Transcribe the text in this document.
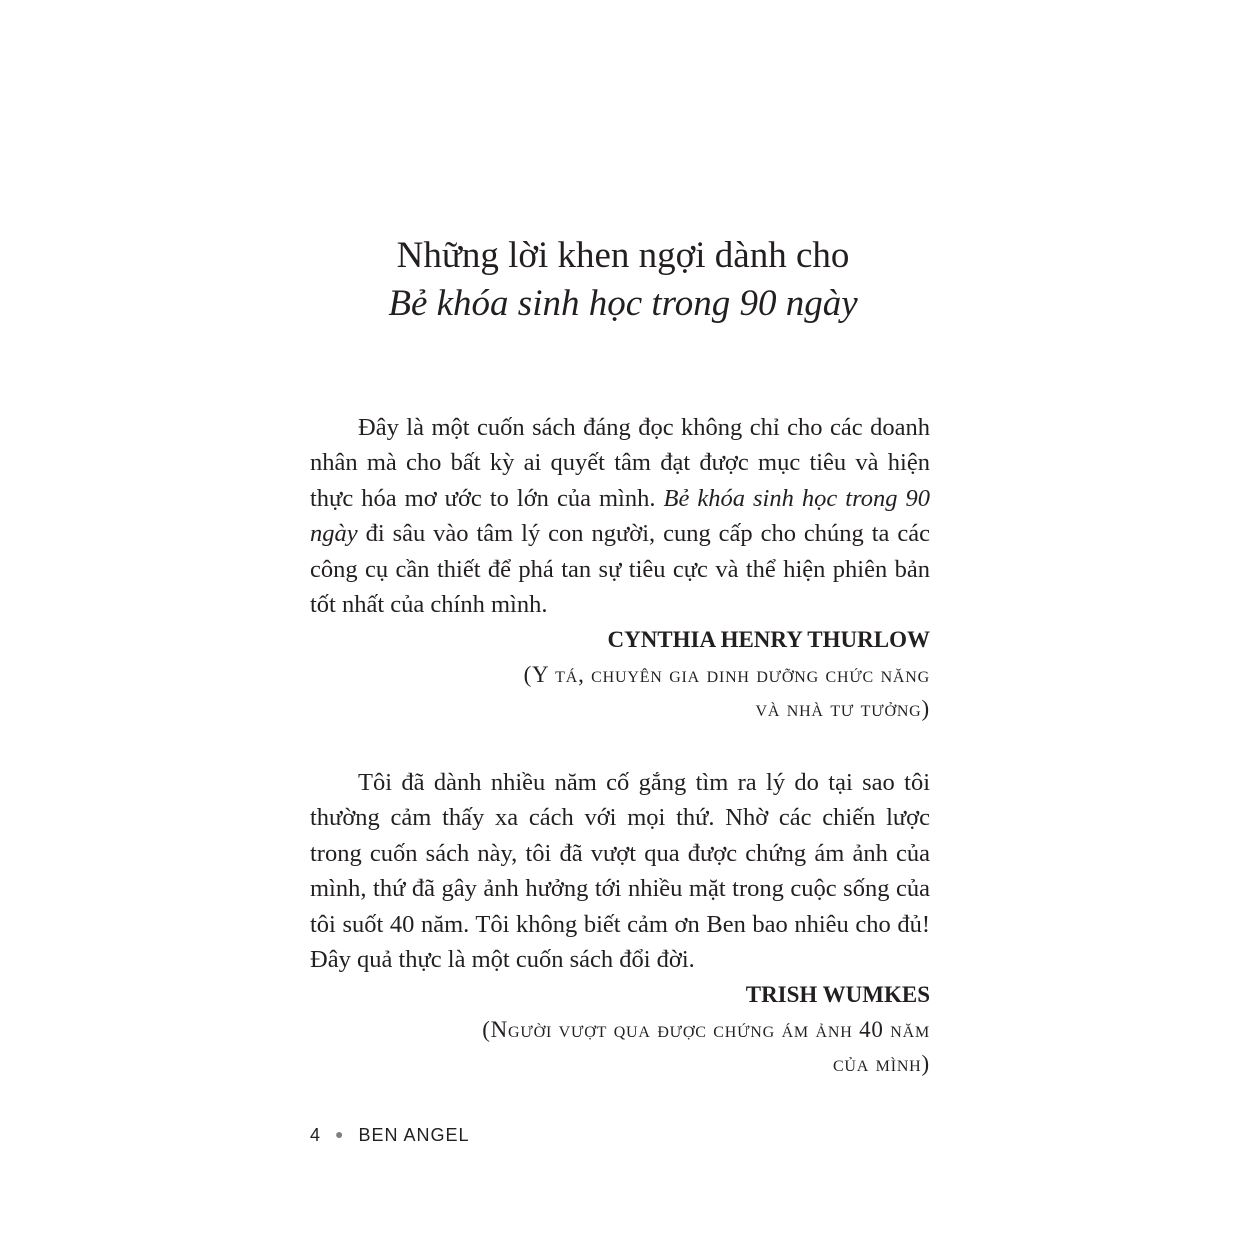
Những lời khen ngợi dành cho
Bẻ khóa sinh học trong 90 ngày

Đây là một cuốn sách đáng đọc không chỉ cho các doanh nhân mà cho bất kỳ ai quyết tâm đạt được mục tiêu và hiện thực hóa mơ ước to lớn của mình. Bẻ khóa sinh học trong 90 ngày đi sâu vào tâm lý con người, cung cấp cho chúng ta các công cụ cần thiết để phá tan sự tiêu cực và thể hiện phiên bản tốt nhất của chính mình.

CYNTHIA HENRY THURLOW
(Y tá, chuyên gia dinh dưỡng chức năng
và nhà tư tưởng)

Tôi đã dành nhiều năm cố gắng tìm ra lý do tại sao tôi thường cảm thấy xa cách với mọi thứ. Nhờ các chiến lược trong cuốn sách này, tôi đã vượt qua được chứng ám ảnh của mình, thứ đã gây ảnh hưởng tới nhiều mặt trong cuộc sống của tôi suốt 40 năm. Tôi không biết cảm ơn Ben bao nhiêu cho đủ! Đây quả thực là một cuốn sách đổi đời.

TRISH WUMKES
(Người vượt qua được chứng ám ảnh 40 năm
của mình)
4 ● BEN ANGEL
